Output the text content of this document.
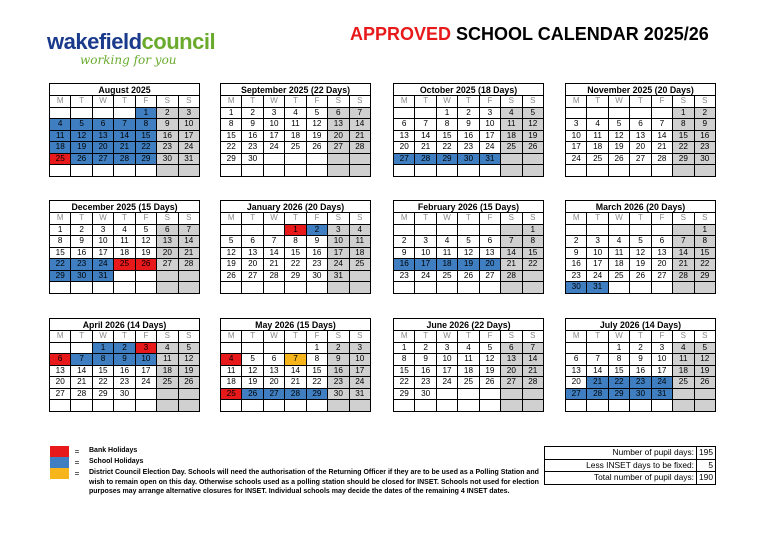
wakefieldcouncil
working for you
APPROVED SCHOOL CALENDAR 2025/26
August 2025						
M	T	W	T	F	S	S
				1	2	3
4	5	6	7	8	9	10
11	12	13	14	15	16	17
18	19	20	21	22	23	24
25	26	27	28	29	30	31

September 2025 (22 Days)						
M	T	W	T	F	S	S
1	2	3	4	5	6	7
8	9	10	11	12	13	14
15	16	17	18	19	20	21
22	23	24	25	26	27	28
29	30					

October 2025 (18 Days)						
M	T	W	T	F	S	S
		1	2	3	4	5
6	7	8	9	10	11	12
13	14	15	16	17	18	19
20	21	22	23	24	25	26
27	28	29	30	31		

November 2025 (20 Days)						
M	T	W	T	F	S	S
					1	2
3	4	5	6	7	8	9
10	11	12	13	14	15	16
17	18	19	20	21	22	23
24	25	26	27	28	29	30

December 2025 (15 Days)						
M	T	W	T	F	S	S
1	2	3	4	5	6	7
8	9	10	11	12	13	14
15	16	17	18	19	20	21
22	23	24	25	26	27	28
29	30	31				

January 2026 (20 Days)						
M	T	W	T	F	S	S
			1	2	3	4
5	6	7	8	9	10	11
12	13	14	15	16	17	18
19	20	21	22	23	24	25
26	27	28	29	30	31	

February 2026 (15 Days)						
M	T	W	T	F	S	S
						1
2	3	4	5	6	7	8
9	10	11	12	13	14	15
16	17	18	19	20	21	22
23	24	25	26	27	28	

March 2026 (20 Days)						
M	T	W	T	F	S	S
						1
2	3	4	5	6	7	8
9	10	11	12	13	14	15
16	17	18	19	20	21	22
23	24	25	26	27	28	29
30	31					
April 2026 (14 Days)						
M	T	W	T	F	S	S
		1	2	3	4	5
6	7	8	9	10	11	12
13	14	15	16	17	18	19
20	21	22	23	24	25	26
27	28	29	30			

May 2026 (15 Days)						
M	T	W	T	F	S	S
				1	2	3
4	5	6	7	8	9	10
11	12	13	14	15	16	17
18	19	20	21	22	23	24
25	26	27	28	29	30	31

June 2026 (22 Days)						
M	T	W	T	F	S	S
1	2	3	4	5	6	7
8	9	10	11	12	13	14
15	16	17	18	19	20	21
22	23	24	25	26	27	28
29	30					

July 2026 (14 Days)						
M	T	W	T	F	S	S
		1	2	3	4	5
6	7	8	9	10	11	12
13	14	15	16	17	18	19
20	21	22	23	24	25	26
27	28	29	30	31		

=	Bank Holidays
=	School Holidays
=	District Council Election Day. Schools will need the authorisation of the Returning Officer if they are to be used as a Polling Station and wish to remain open on this day. Otherwise schools used as a polling station should be closed for INSET. Schools not used for election purposes may arrange alternative closures for INSET. Individual schools may decide the dates of the remaining 4 INSET dates.
Number of pupil days:	195
Less INSET days to be fixed:	5
Total number of pupil days:	190
